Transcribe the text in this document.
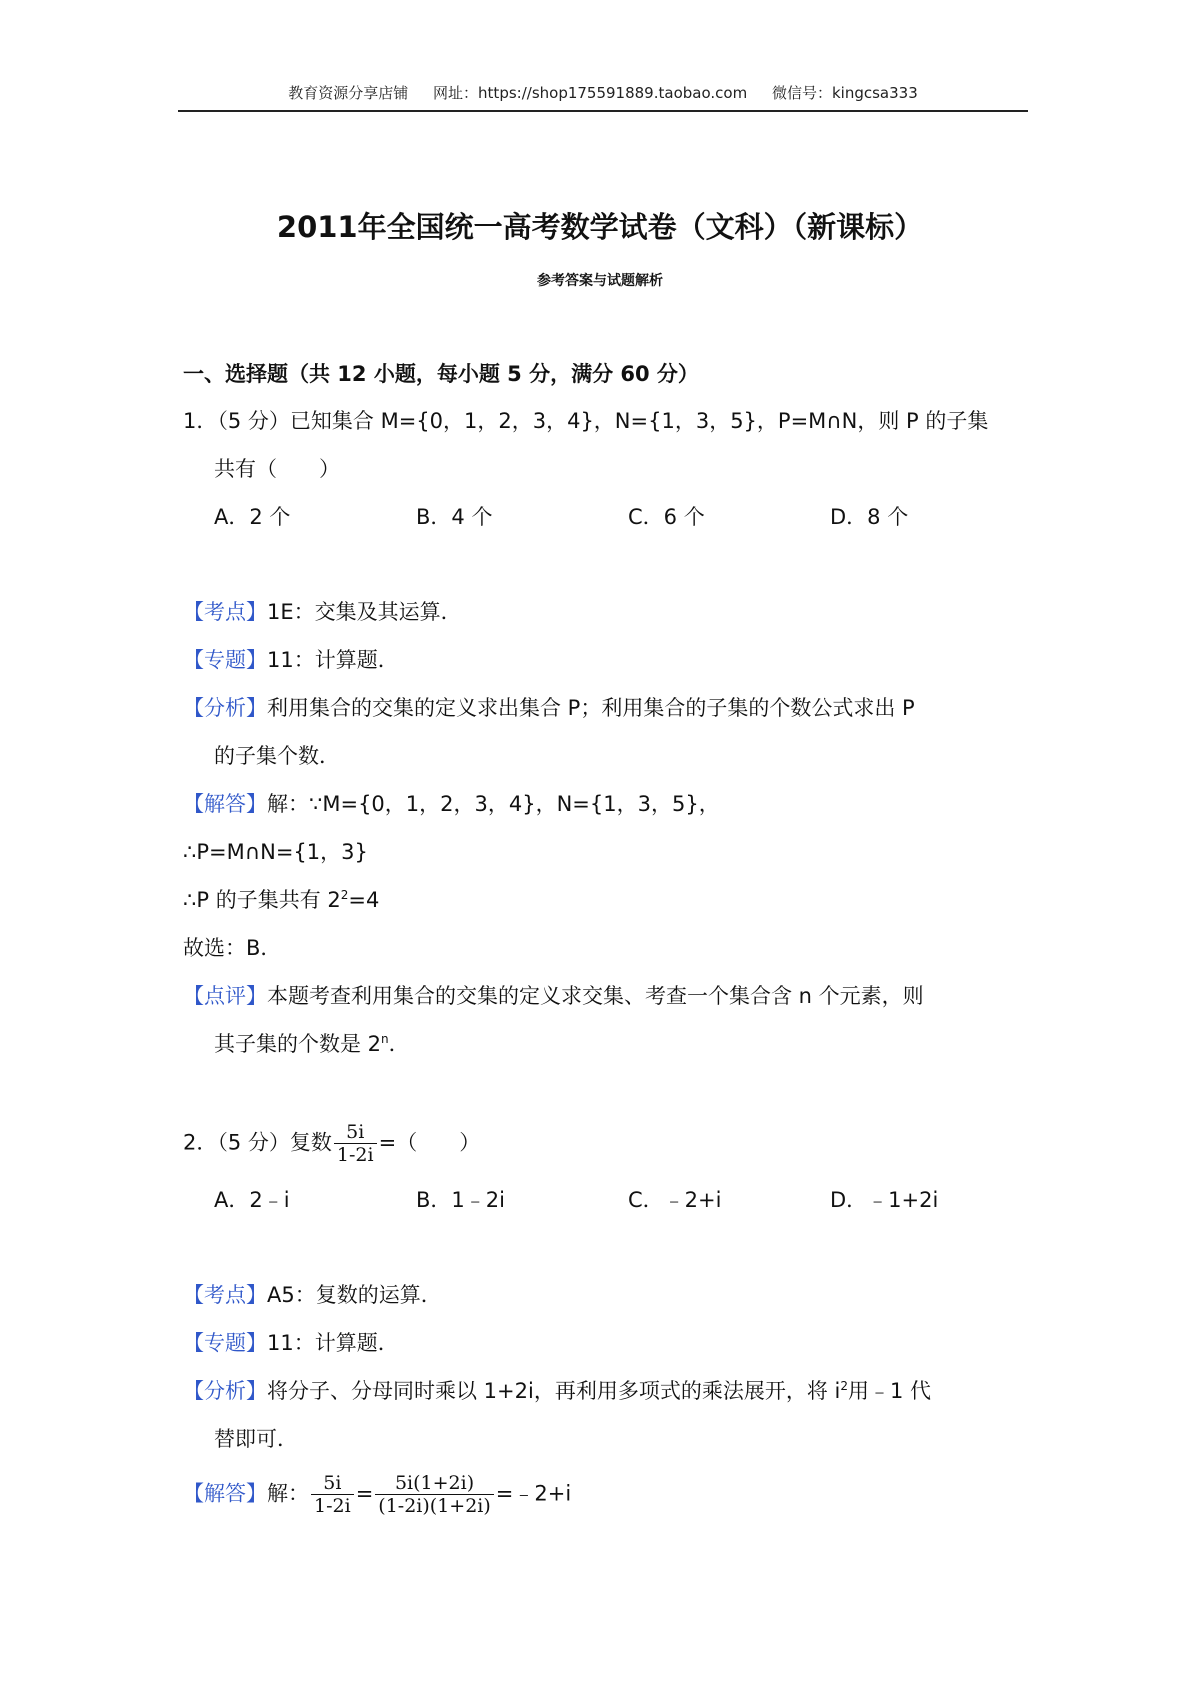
教育资源分享店铺 网址：https://shop175591889.taobao.com 微信号：kingcsa333
2011年全国统一高考数学试卷（文科）（新课标）
参考答案与试题解析
一、选择题（共 12 小题，每小题 5 分，满分 60 分）
1．（5 分）已知集合 M={0，1，2，3，4}，N={1，3，5}，P=M∩N，则 P 的子集
共有（　　）
A．2 个	B．4 个	C．6 个	D．8 个
【考点】1E：交集及其运算．
【专题】11：计算题．
【分析】利用集合的交集的定义求出集合 P；利用集合的子集的个数公式求出 P
的子集个数．
【解答】解：∵M={0，1，2，3，4}，N={1，3，5}，
∴P=M∩N={1，3}
∴P 的子集共有 $2^2=4$
故选：B．
【点评】本题考查利用集合的交集的定义求交集、考查一个集合含 n 个元素，则
其子集的个数是 2$^n$．
2．（5 分）复数 $\frac{5i}{1-2i}$ =（　　）
A．2﹣i	B．1﹣2i	C．﹣2+i	D．﹣1+2i
【考点】A5：复数的运算．
【专题】11：计算题．
【分析】将分子、分母同时乘以 1+2i，再利用多项式的乘法展开，将 $i^2$用﹣1 代
替即可．
【解答】解： $\frac{5i}{1-2i} = \frac{5i(1+2i)}{(1-2i)(1+2i)}$ =﹣2+i
